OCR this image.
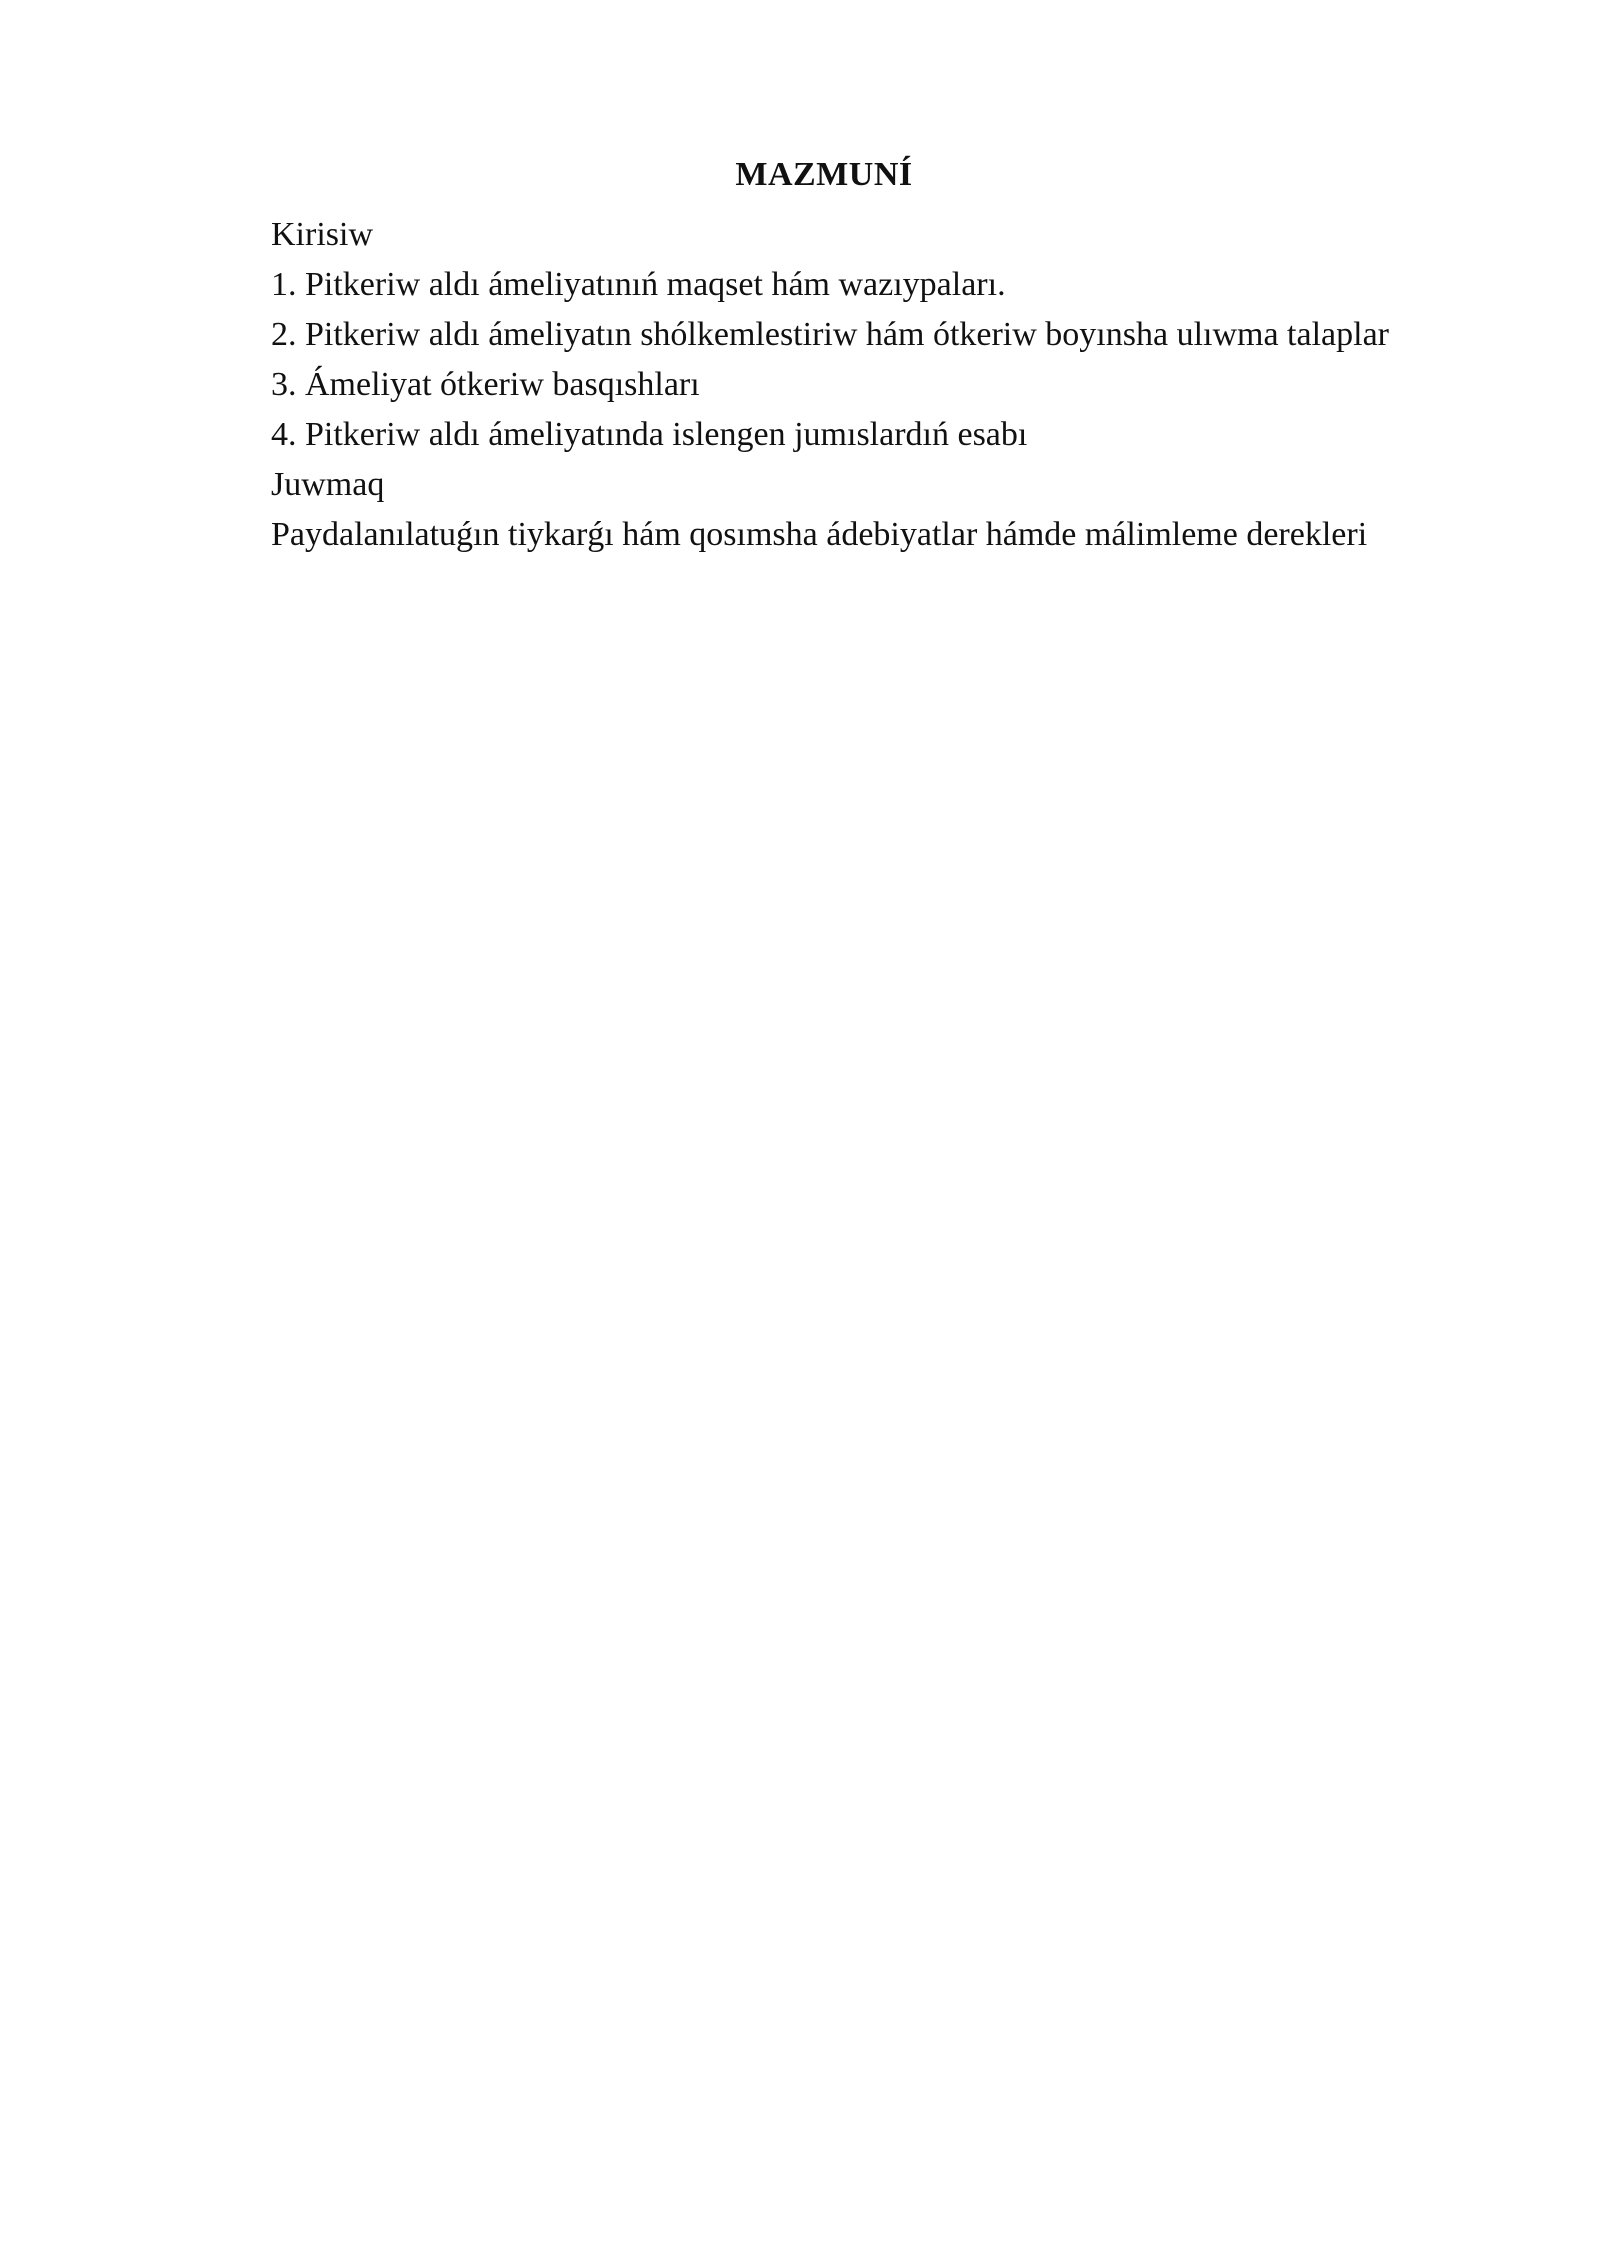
MAZMUNÍ
Kirisiw
1. Pitkeriw aldı ámeliyatınıń maqset hám wazıypaları.
2. Pitkeriw aldı ámeliyatın shólkemlestiriw hám ótkeriw boyınsha ulıwma talaplar
3. Ámeliyat ótkeriw basqıshları
4. Pitkeriw aldı ámeliyatında islengen jumıslardıń esabı
Juwmaq
Paydalanılatuǵın tiykarǵı hám qosımsha ádebiyatlar hámde málimleme derekleri
